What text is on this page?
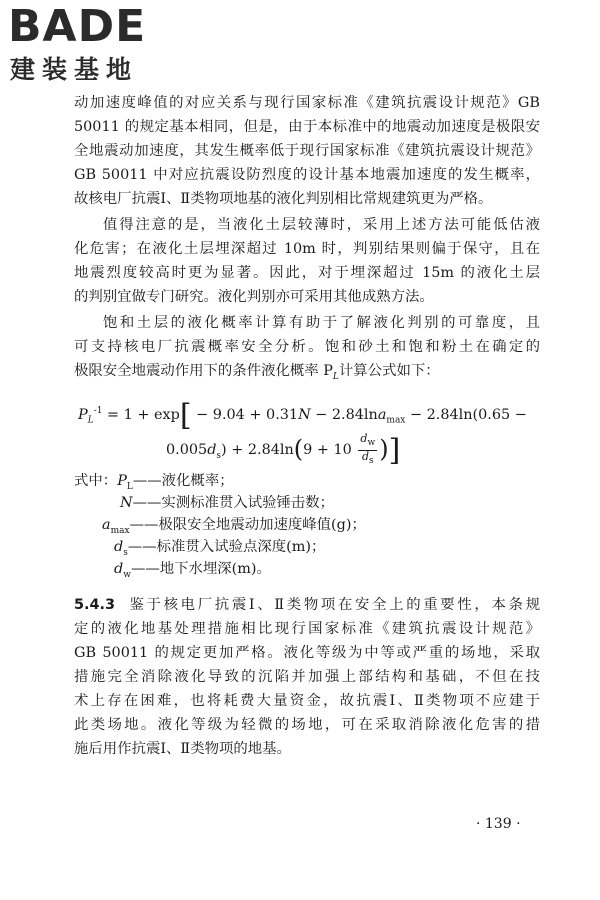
BADE
建装基地
动加速度峰值的对应关系与现行国家标准《建筑抗震设计规范》GB
50011 的规定基本相同，但是，由于本标准中的地震动加速度是极限安
全地震动加速度，其发生概率低于现行国家标准《建筑抗震设计规范》
GB 50011 中对应抗震设防烈度的设计基本地震加速度的发生概率，
故核电厂抗震Ⅰ、Ⅱ类物项地基的液化判别相比常规建筑更为严格。
值得注意的是，当液化土层较薄时，采用上述方法可能低估液
化危害；在液化土层埋深超过 10m 时，判别结果则偏于保守，且在
地震烈度较高时更为显著。因此，对于埋深超过 15m 的液化土层
的判别宜做专门研究。液化判别亦可采用其他成熟方法。
饱和土层的液化概率计算有助于了解液化判别的可靠度，且
可支持核电厂抗震概率安全分析。饱和砂土和饱和粉土在确定的
极限安全地震动作用下的条件液化概率 $P_L$计算公式如下：
$P_L^{-1} = 1 + \exp[ - 9.04 + 0.31N - 2.84\ln a_{max} - 2.84\ln(0.65$ −
$0.005d_s) + 2.84\ln(9 + 10 \frac{d_w}{d_s}$ )]
式中：$P_L——$液化概率；
N——实测标准贯入试验锤击数；
$a_{max}——$极限安全地震动加速度峰值(g)；
$d_s——$标准贯入试验点深度(m)；
$d_w——$地下水埋深(m)。
5.4.3 鉴于核电厂抗震Ⅰ、Ⅱ类物项在安全上的重要性，本条规
定的液化地基处理措施相比现行国家标准《建筑抗震设计规范》
GB 50011 的规定更加严格。液化等级为中等或严重的场地，采取
措施完全消除液化导致的沉陷并加强上部结构和基础，不但在技
术上存在困难，也将耗费大量资金，故抗震Ⅰ、Ⅱ类物项不应建于
此类场地。液化等级为轻微的场地，可在采取消除液化危害的措
施后用作抗震Ⅰ、Ⅱ类物项的地基。
· 139 ·
